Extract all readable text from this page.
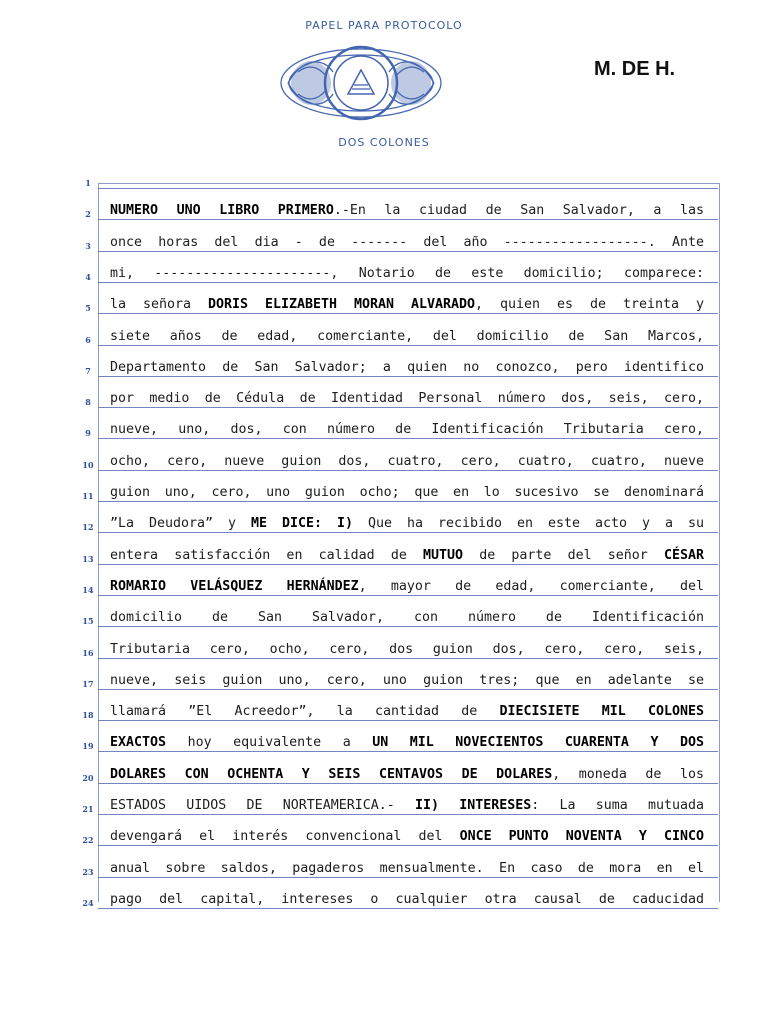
PAPEL PARA PROTOCOLO
DOS COLONES
M. DE H.
1
2	NUMERO UNO LIBRO PRIMERO.-En la ciudad de San Salvador, a las
3	once horas del dia - de ------- del año ------------------. Ante
4	mi, ----------------------, Notario de este domicilio; comparece:
5	la señora DORIS ELIZABETH MORAN ALVARADO, quien es de treinta y
6	siete años de edad, comerciante, del domicilio de San Marcos,
7	Departamento de San Salvador; a quien no conozco, pero identifico
8	por medio de Cédula de Identidad Personal número dos, seis, cero,
9	nueve, uno, dos, con número de Identificación Tributaria cero,
10 ocho, cero, nueve guion dos, cuatro, cero, cuatro, cuatro, nueve
11 guion uno, cero, uno guion ocho; que en lo sucesivo se denominará
12 ”La Deudora” y ME DICE: I) Que ha recibido en este acto y a su
13 entera satisfacción en calidad de MUTUO de parte del señor CÉSAR
14 ROMARIO VELÁSQUEZ HERNÁNDEZ, mayor de edad, comerciante, del
15 domicilio de San Salvador, con número de Identificación
16 Tributaria cero, ocho, cero, dos guion dos, cero, cero, seis,
17 nueve, seis guion uno, cero, uno guion tres; que en adelante se
18 llamará ”El Acreedor”, la cantidad de DIECISIETE MIL COLONES
19 EXACTOS hoy equivalente a UN MIL NOVECIENTOS CUARENTA Y DOS
20 DOLARES CON OCHENTA Y SEIS CENTAVOS DE DOLARES, moneda de los
21 ESTADOS UIDOS DE NORTEAMERICA.- II) INTERESES: La suma mutuada
22 devengará el interés convencional del ONCE PUNTO NOVENTA Y CINCO
23 anual sobre saldos, pagaderos mensualmente. En caso de mora en el
24 pago del capital, intereses o cualquier otra causal de caducidad
